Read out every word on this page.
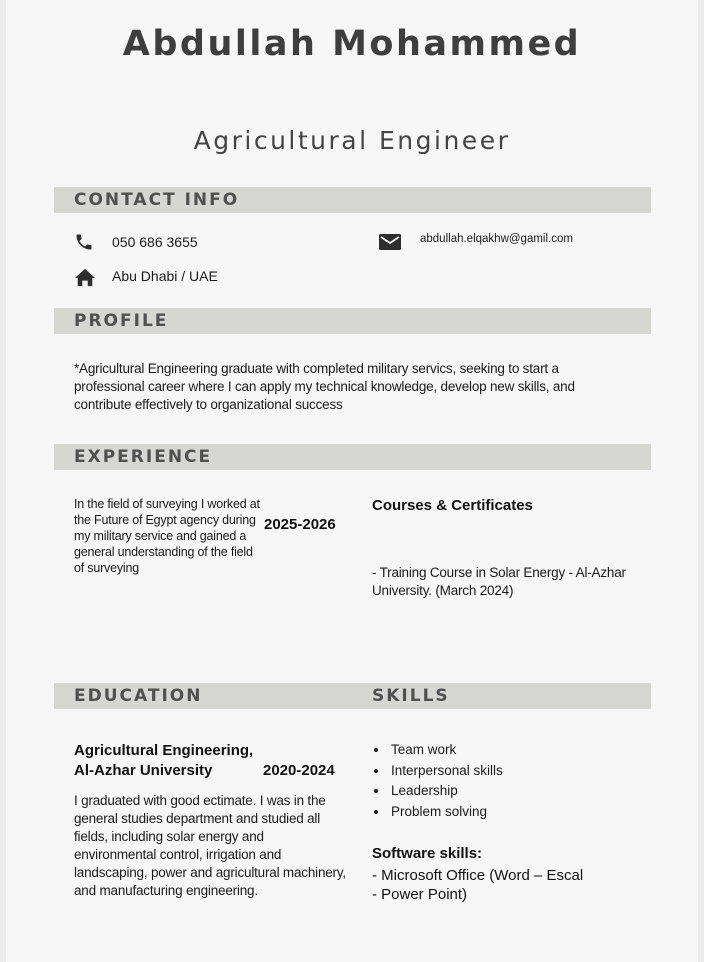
Abdullah Mohammed
Agricultural Engineer
CONTACT INFO
050 686 3655	abdullah.elqakhw@gamil.com
Abu Dhabi / UAE
PROFILE
*Agricultural Engineering graduate with completed military servics, seeking to start a professional career where I can apply my technical knowledge, develop new skills, and contribute effectively to organizational success
EXPERIENCE
In the field of surveying I worked at the Future of Egypt agency during my military service and gained a general understanding of the field of surveying
2025-2026
Courses & Certificates
- Training Course in Solar Energy - Al-Azhar University. (March 2024)
EDUCATION	SKILLS
Agricultural Engineering,
Al-Azhar University	2020-2024
I graduated with good ectimate. I was in the general studies department and studied all fields, including solar energy and environmental control, irrigation and landscaping, power and agricultural machinery, and manufacturing engineering.
• Team work
• Interpersonal skills
• Leadership
• Problem solving
Software skills:
- Microsoft Office (Word – Escal
- Power Point)
